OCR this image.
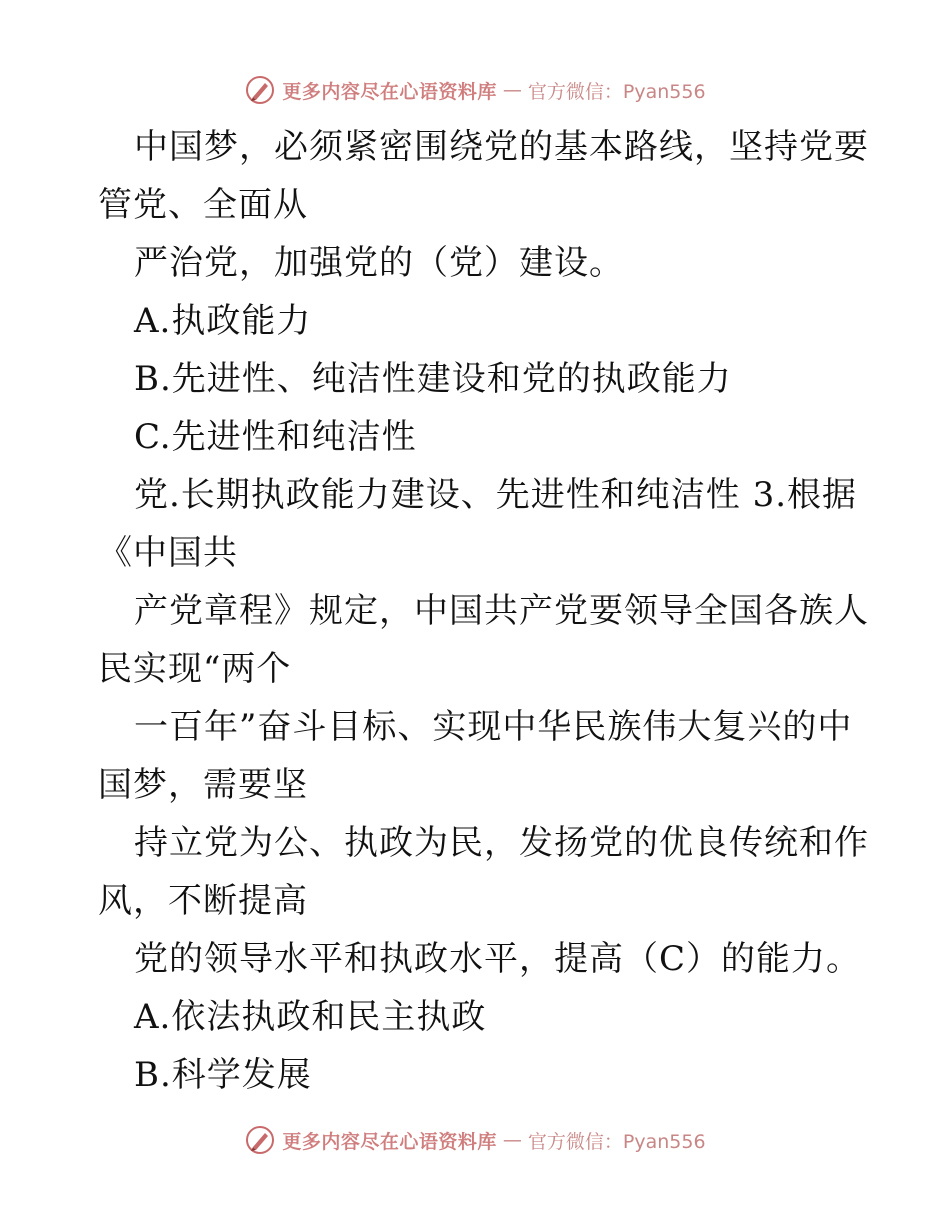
更多内容尽在心语资料库 — 官方微信：Pyan556
中国梦，必须紧密围绕党的基本路线，坚持党要
管党、全面从
严治党，加强党的（党）建设。
A.执政能力
B.先进性、纯洁性建设和党的执政能力
C.先进性和纯洁性
党.长期执政能力建设、先进性和纯洁性 3.根据
《中国共
产党章程》规定，中国共产党要领导全国各族人
民实现“两个
一百年”奋斗目标、实现中华民族伟大复兴的中
国梦，需要坚
持立党为公、执政为民，发扬党的优良传统和作
风，不断提高
党的领导水平和执政水平，提高（C）的能力。
A.依法执政和民主执政
B.科学发展
更多内容尽在心语资料库 — 官方微信：Pyan556
